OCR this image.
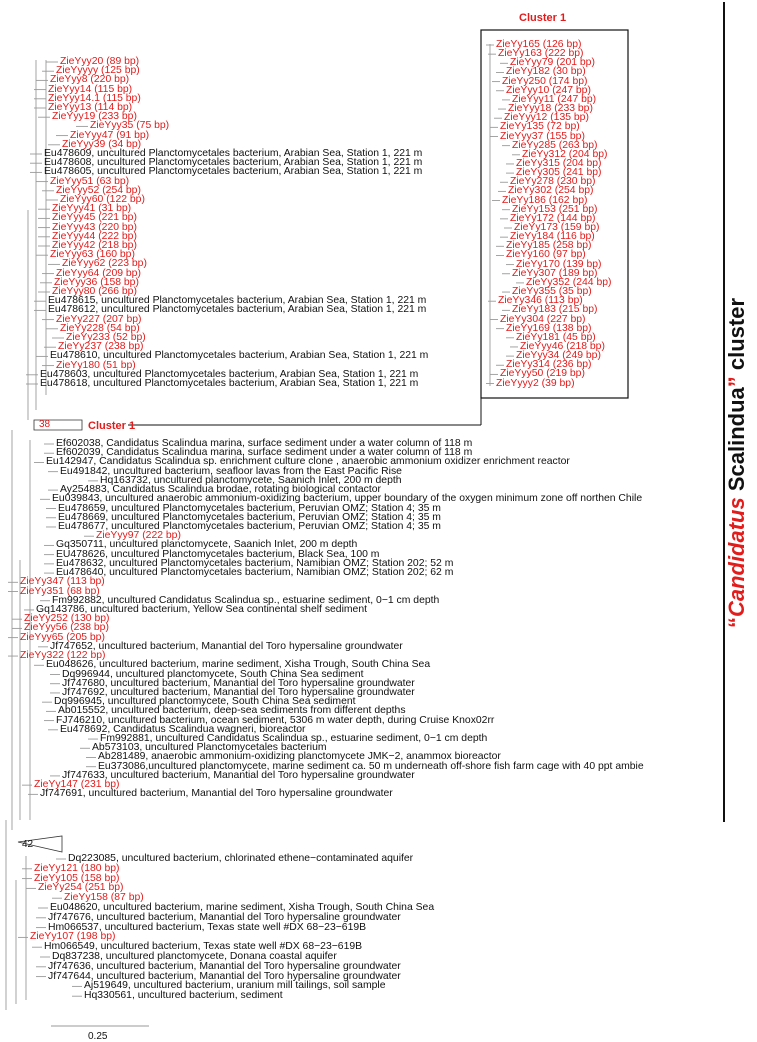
Cluster 1
Cluster 1
38
42
0.25
ZieYyy20 (89 bp)
ZieYyyyy (125 bp)
ZieYyy8 (220 bp)
ZieYyy14 (115 bp)
ZieYyy14.1 (115 bp)
ZieYyy13 (114 bp)
ZieYyy19 (233 bp)
ZieYyy35 (75 bp)
ZieYyy47 (91 bp)
ZieYyy39 (34 bp)
Eu478609, uncultured Planctomycetales bacterium, Arabian Sea, Station 1, 221 m
Eu478608, uncultured Planctomycetales bacterium, Arabian Sea, Station 1, 221 m
Eu478605, uncultured Planctomycetales bacterium, Arabian Sea, Station 1, 221 m
ZieYyy51 (63 bp)
ZieYyy52 (254 bp)
ZieYyy60 (122 bp)
ZieYyy41 (31 bp)
ZieYyy45 (221 bp)
ZieYyy43 (220 bp)
ZieYyy44 (222 bp)
ZieYyy42 (218 bp)
ZieYyy63 (160 bp)
ZieYyy62 (223 bp)
ZieYyy64 (209 bp)
ZieYyy36 (158 bp)
ZieYyy80 (266 bp)
Eu478615, uncultured Planctomycetales bacterium, Arabian Sea, Station 1, 221 m
Eu478612, uncultured Planctomycetales bacterium, Arabian Sea, Station 1, 221 m
ZieYy227 (207 bp)
ZieYy228 (54 bp)
ZieYy233 (52 bp)
ZieYy237 (238 bp)
Eu478610, uncultured Planctomycetales bacterium, Arabian Sea, Station 1, 221 m
ZieYy180 (51 bp)
Eu478603, uncultured Planctomycetales bacterium, Arabian Sea, Station 1, 221 m
Eu478618, uncultured Planctomycetales bacterium, Arabian Sea, Station 1, 221 m
ZieYy165 (126 bp)
ZieYy163 (222 bp)
ZieYyy79 (201 bp)
ZieYy182 (30 bp)
ZieYy250 (174 bp)
ZieYyy10 (247 bp)
ZieYyy11 (247 bp)
ZieYyy18 (233 bp)
ZieYyy12 (135 bp)
ZieYy135 (72 bp)
ZieYyy37 (155 bp)
ZieYy285 (263 bp)
ZieYy312 (204 bp)
ZieYy315 (204 bp)
ZieYy305 (241 bp)
ZieYy278 (230 bp)
ZieYy302 (254 bp)
ZieYy186 (162 bp)
ZieYy153 (251 bp)
ZieYy172 (144 bp)
ZieYy173 (159 bp)
ZieYy184 (116 bp)
ZieYy185 (258 bp)
ZieYy160 (97 bp)
ZieYy170 (139 bp)
ZieYy307 (189 bp)
ZieYy352 (244 bp)
ZieYy355 (35 bp)
ZieYy346 (113 bp)
ZieYy183 (215 bp)
ZieYy304 (227 bp)
ZieYy169 (138 bp)
ZieYy181 (45 bp)
ZieYyy46 (218 bp)
ZieYyy34 (249 bp)
ZieYy314 (236 bp)
ZieYyy50 (219 bp)
ZieYyyy2 (39 bp)
Ef602038, Candidatus Scalindua marina, surface sediment under a water column of 118 m
Ef602039, Candidatus Scalindua marina, surface sediment under a water column of 118 m
Eu142947, Candidatus Scalindua sp. enrichment culture clone , anaerobic ammonium oxidizer enrichment reactor
Eu491842, uncultured bacterium, seafloor lavas from the East Pacific Rise
Hq163732, uncultured planctomycete, Saanich Inlet, 200 m depth
Ay254883, Candidatus Scalindua brodae, rotating biological contactor
Eu039843, uncultured anaerobic ammonium-oxidizing bacterium, upper boundary of the oxygen minimum zone off northen Chile
Eu478659, uncultured Planctomycetales bacterium, Peruvian OMZ; Station 4; 35 m
Eu478669, uncultured Planctomycetales bacterium, Peruvian OMZ; Station 4; 35 m
Eu478677, uncultured Planctomycetales bacterium, Peruvian OMZ; Station 4; 35 m
ZieYyy97 (222 bp)
Gq350711, uncultured planctomycete, Saanich Inlet, 200 m depth
EU478626, uncultured Planctomycetales bacterium, Black Sea, 100 m
Eu478632, uncultured Planctomycetales bacterium, Namibian OMZ; Station 202; 52 m
Eu478640, uncultured Planctomycetales bacterium, Namibian OMZ; Station 202; 62 m
ZieYy347 (113 bp)
ZieYy351 (68 bp)
Fm992882, uncultured Candidatus Scalindua sp., estuarine sediment, 0−1 cm depth
Gq143786, uncultured bacterium, Yellow Sea continental shelf sediment
ZieYy252 (130 bp)
ZieYyy56 (238 bp)
ZieYyy65 (205 bp)
Jf747652, uncultured bacterium, Manantial del Toro hypersaline groundwater
ZieYy322 (122 bp)
Eu048626, uncultured bacterium, marine sediment, Xisha Trough, South China Sea
Dq996944, uncultured planctomycete, South China Sea sediment
Jf747680, uncultured bacterium, Manantial del Toro hypersaline groundwater
Jf747692, uncultured bacterium, Manantial del Toro hypersaline groundwater
Dq996945, uncultured planctomycete, South China Sea sediment
Ab015552, uncultured bacterium, deep-sea sediments from different depths
FJ746210, uncultured bacterium, ocean sediment, 5306 m water depth, during Cruise Knox02rr
Eu478692, Candidatus Scalindua wagneri, bioreactor
Fm992881, uncultured Candidatus Scalindua sp., estuarine sediment, 0−1 cm depth
Ab573103, uncultured Planctomycetales bacterium
Ab281489, anaerobic ammonium-oxidizing planctomycete JMK−2, anammox bioreactor
Eu373086,uncultured planctomycete, marine sediment ca. 50 m underneath off-shore fish farm cage with 40 ppt ambie
Jf747633, uncultured bacterium, Manantial del Toro hypersaline groundwater
ZieYy147 (231 bp)
Jf747691, uncultured bacterium, Manantial del Toro hypersaline groundwater
Dq223085, uncultured bacterium, chlorinated ethene−contaminated aquifer
ZieYy121 (180 bp)
ZieYy105 (158 bp)
ZieYy254 (251 bp)
ZieYy158 (87 bp)
Eu048620, uncultured bacterium, marine sediment, Xisha Trough, South China Sea
Jf747676, uncultured bacterium, Manantial del Toro hypersaline groundwater
Hm066537, uncultured bacterium, Texas state well #DX 68−23−619B
ZieYy107 (198 bp)
Hm066549, uncultured bacterium, Texas state well #DX 68−23−619B
Dq837238, uncultured planctomycete, Donana coastal aquifer
Jf747636, uncultured bacterium, Manantial del Toro hypersaline groundwater
Jf747644, uncultured bacterium, Manantial del Toro hypersaline groundwater
Aj519649, uncultured bacterium, uranium mill tailings, soil sample
Hq330561, uncultured bacterium, sediment
“Candidatus Scalindua” cluster
